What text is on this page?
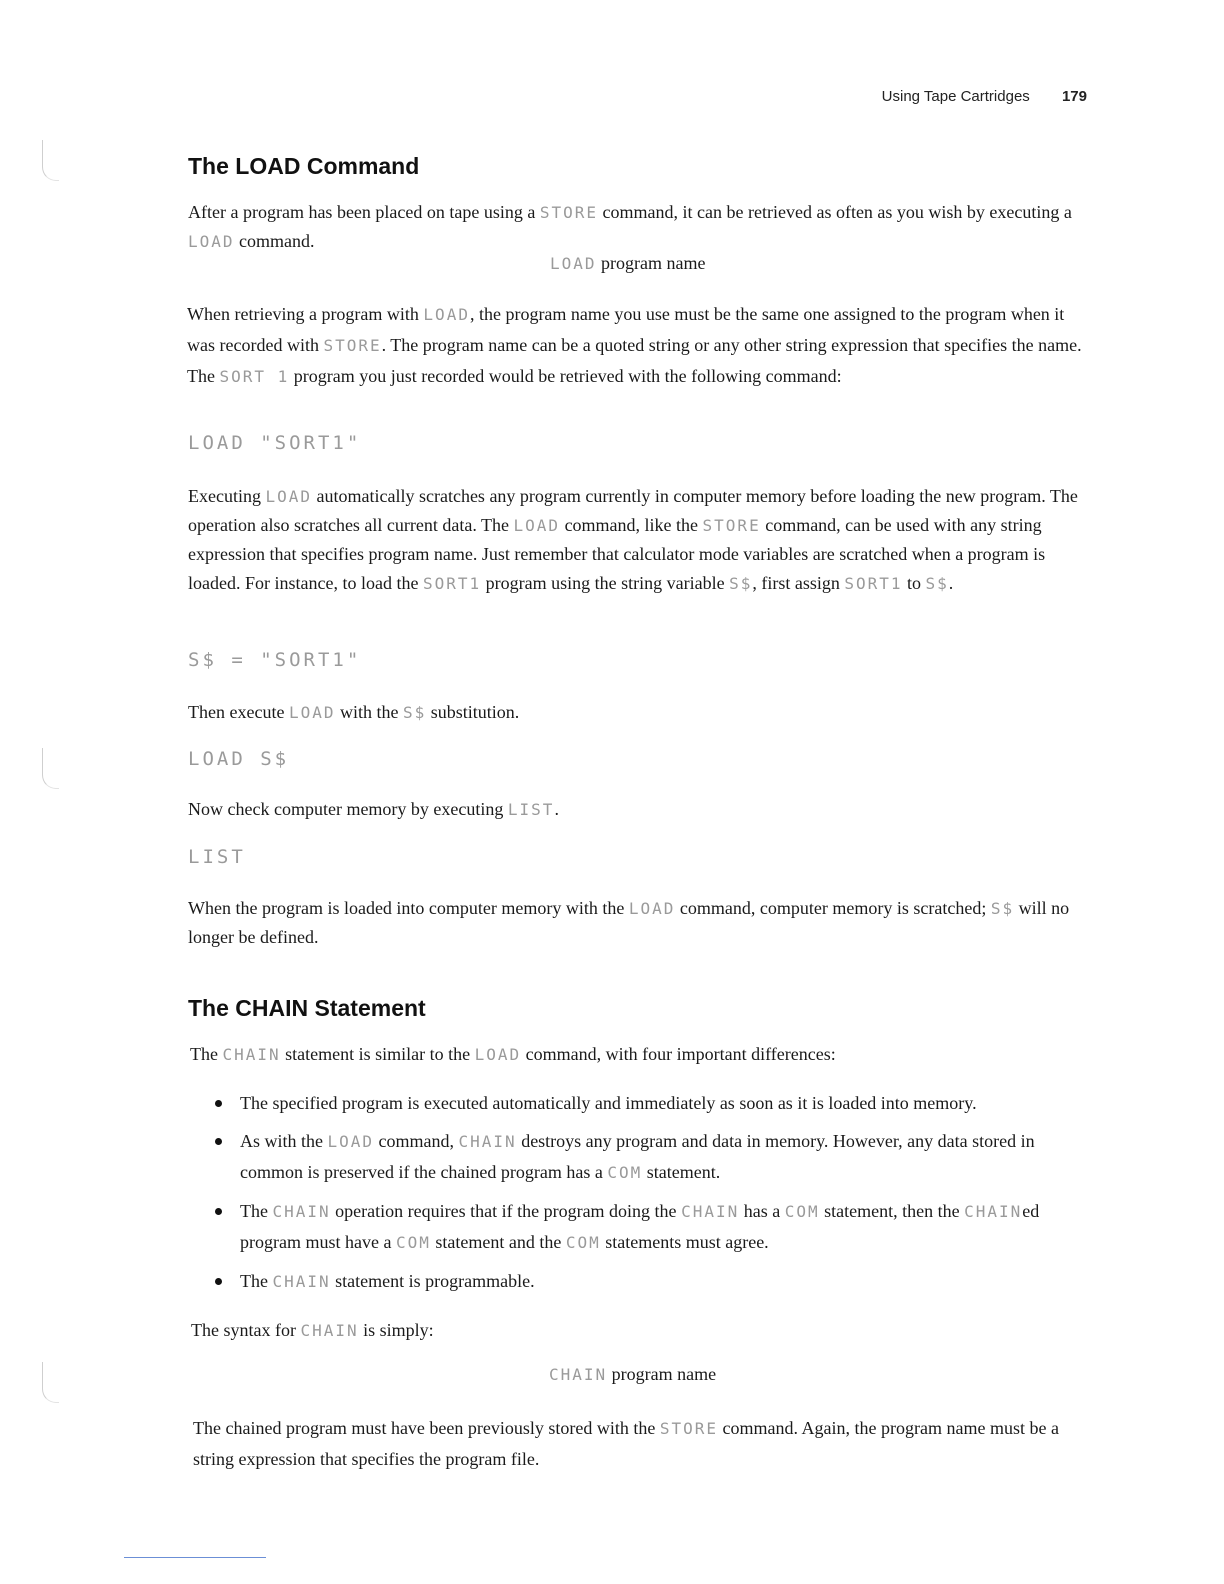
Using Tape Cartridges 179
The LOAD Command

After a program has been placed on tape using a STORE command, it can be retrieved as often as you wish by executing a LOAD command.

LOAD program name

When retrieving a program with LOAD, the program name you use must be the same one assigned to the program when it was recorded with STORE. The program name can be a quoted string or any other string expression that specifies the name. The SORT 1 program you just recorded would be retrieved with the following command:

LOAD "SORT1"

Executing LOAD automatically scratches any program currently in computer memory before loading the new program. The operation also scratches all current data. The LOAD command, like the STORE command, can be used with any string expression that specifies program name. Just remember that calculator mode variables are scratched when a program is loaded. For instance, to load the SORT1 program using the string variable S$, first assign SORT1 to S$.

S$ = "SORT1"

Then execute LOAD with the S$ substitution.

LOAD S$

Now check computer memory by executing LIST.

LIST

When the program is loaded into computer memory with the LOAD command, computer memory is scratched; S$ will no longer be defined.

The CHAIN Statement

The CHAIN statement is similar to the LOAD command, with four important differences:

The specified program is executed automatically and immediately as soon as it is loaded into memory.
As with the LOAD command, CHAIN destroys any program and data in memory. However, any data stored in common is preserved if the chained program has a COM statement.
The CHAIN operation requires that if the program doing the CHAIN has a COM statement, then the CHAINed program must have a COM statement and the COM statements must agree.
The CHAIN statement is programmable.

The syntax for CHAIN is simply:

CHAIN program name

The chained program must have been previously stored with the STORE command. Again, the program name must be a string expression that specifies the program file.
